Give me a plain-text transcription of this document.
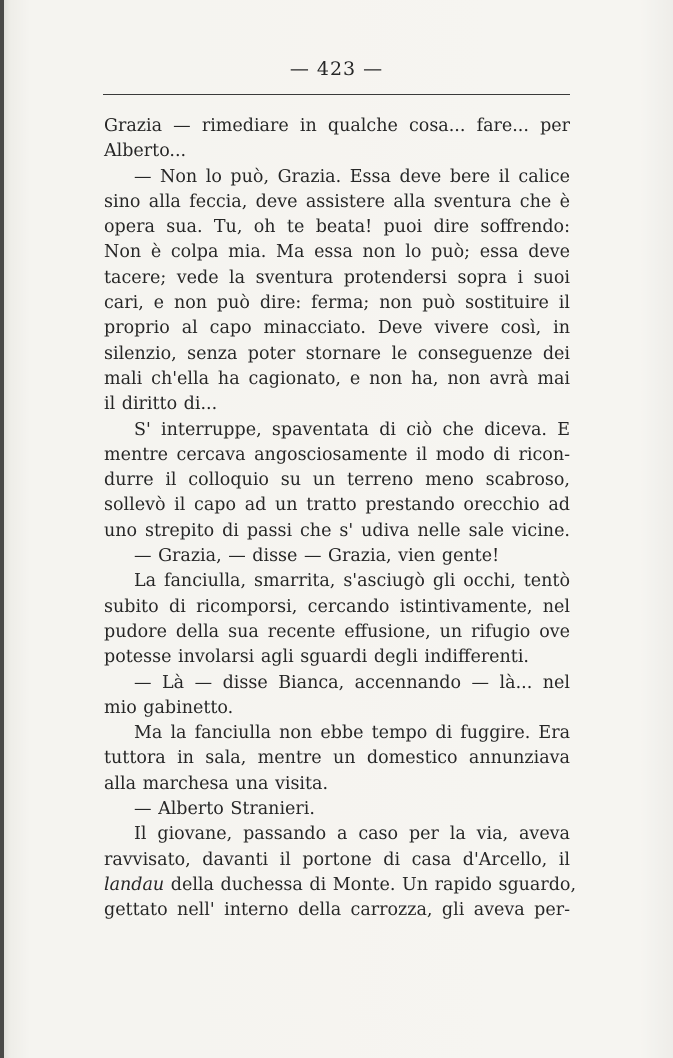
— 423 —
Grazia — rimediare in qualche cosa... fare... per
Alberto...
— Non lo può, Grazia. Essa deve bere il calice
sino alla feccia, deve assistere alla sventura che è
opera sua. Tu, oh te beata! puoi dire soffrendo:
Non è colpa mia. Ma essa non lo può; essa deve
tacere; vede la sventura protendersi sopra i suoi
cari, e non può dire: ferma; non può sostituire il
proprio al capo minacciato. Deve vivere così, in
silenzio, senza poter stornare le conseguenze dei
mali ch'ella ha cagionato, e non ha, non avrà mai
il diritto di...
S' interruppe, spaventata di ciò che diceva. E
mentre cercava angosciosamente il modo di ricon-
durre il colloquio su un terreno meno scabroso,
sollevò il capo ad un tratto prestando orecchio ad
uno strepito di passi che s' udiva nelle sale vicine.
— Grazia, — disse — Grazia, vien gente!
La fanciulla, smarrita, s'asciugò gli occhi, tentò
subito di ricomporsi, cercando istintivamente, nel
pudore della sua recente effusione, un rifugio ove
potesse involarsi agli sguardi degli indifferenti.
— Là — disse Bianca, accennando — là... nel
mio gabinetto.
Ma la fanciulla non ebbe tempo di fuggire. Era
tuttora in sala, mentre un domestico annunziava
alla marchesa una visita.
— Alberto Stranieri.
Il giovane, passando a caso per la via, aveva
ravvisato, davanti il portone di casa d'Arcello, il
landau della duchessa di Monte. Un rapido sguardo,
gettato nell' interno della carrozza, gli aveva per-
